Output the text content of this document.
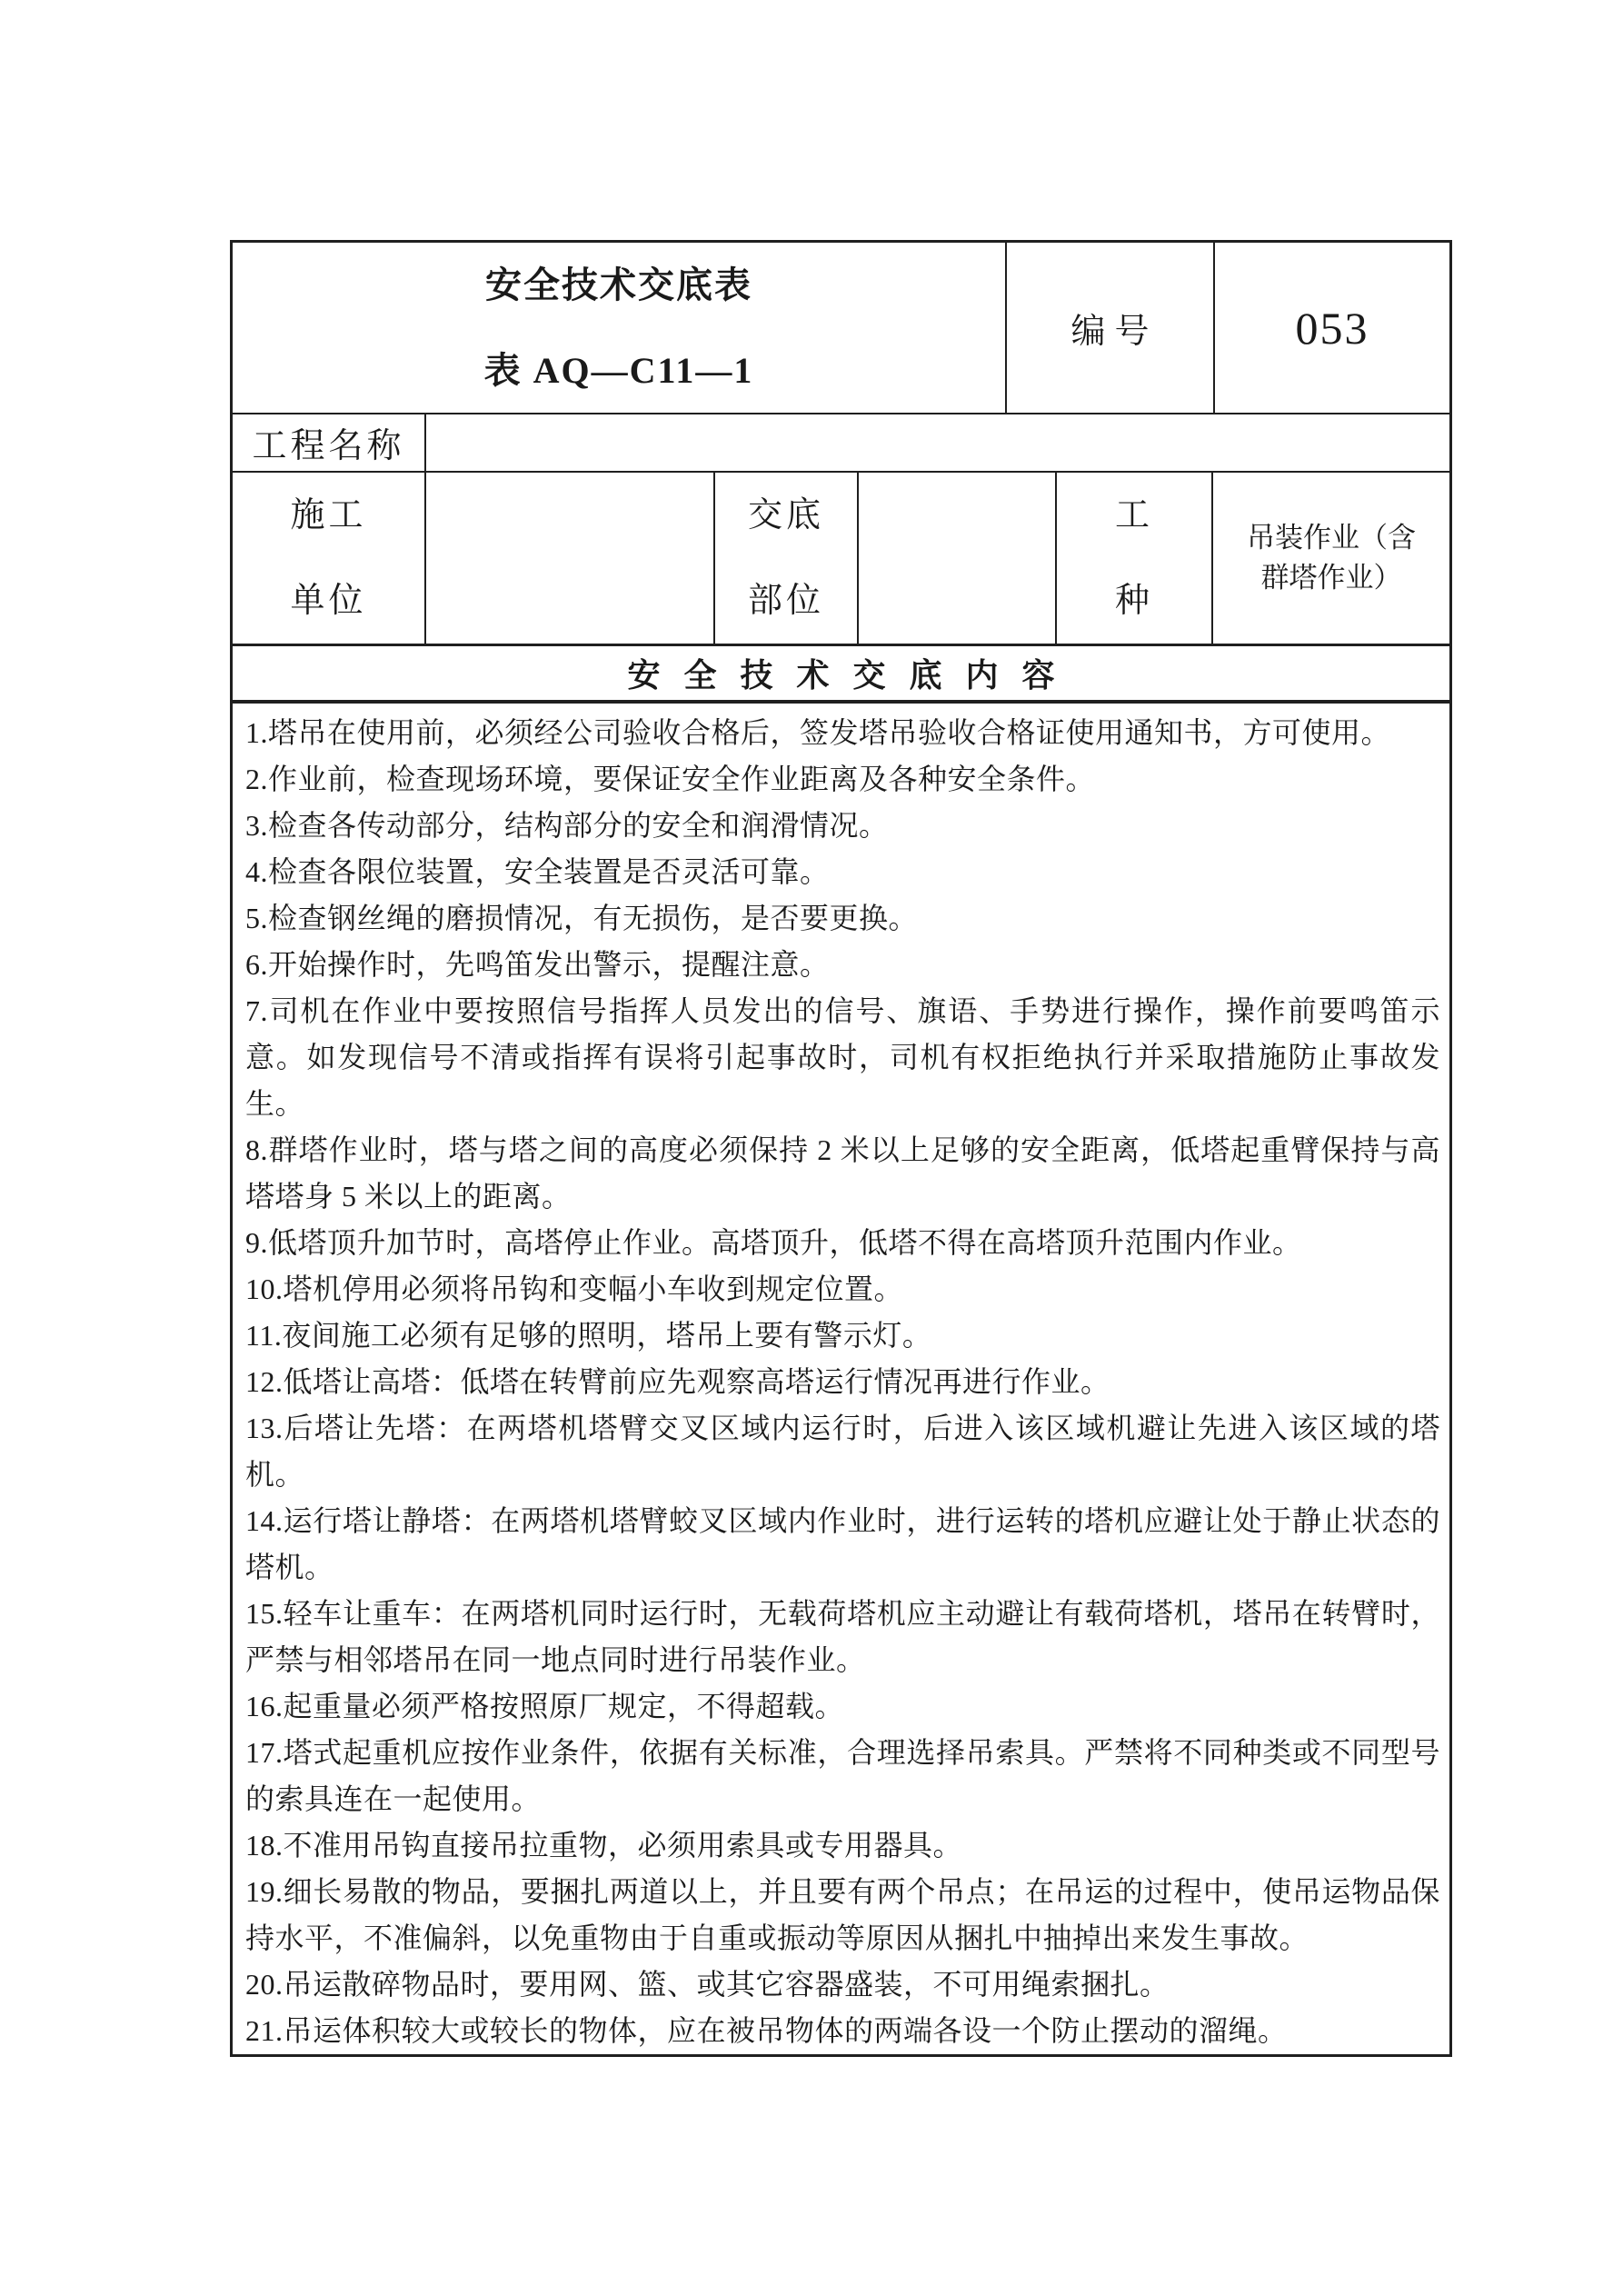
安全技术交底表
表 AQ—C11—1
编号	053
工程名称
施工
单位
交底
部位
工
种
吊装作业（含群塔作业）
安全技术交底内容

1.塔吊在使用前，必须经公司验收合格后，签发塔吊验收合格证使用通知书，方可使用。

2.作业前，检查现场环境，要保证安全作业距离及各种安全条件。

3.检查各传动部分，结构部分的安全和润滑情况。

4.检查各限位装置，安全装置是否灵活可靠。

5.检查钢丝绳的磨损情况，有无损伤，是否要更换。

6.开始操作时，先鸣笛发出警示，提醒注意。

7.司机在作业中要按照信号指挥人员发出的信号、旗语、手势进行操作，操作前要鸣笛示意。如发现信号不清或指挥有误将引起事故时，司机有权拒绝执行并采取措施防止事故发生。

8.群塔作业时，塔与塔之间的高度必须保持 2 米以上足够的安全距离，低塔起重臂保持与高塔塔身 5 米以上的距离。

9.低塔顶升加节时，高塔停止作业。高塔顶升，低塔不得在高塔顶升范围内作业。

10.塔机停用必须将吊钩和变幅小车收到规定位置。

11.夜间施工必须有足够的照明，塔吊上要有警示灯。

12.低塔让高塔：低塔在转臂前应先观察高塔运行情况再进行作业。

13.后塔让先塔：在两塔机塔臂交叉区域内运行时，后进入该区域机避让先进入该区域的塔机。

14.运行塔让静塔：在两塔机塔臂蛟叉区域内作业时，进行运转的塔机应避让处于静止状态的塔机。

15.轻车让重车：在两塔机同时运行时，无载荷塔机应主动避让有载荷塔机，塔吊在转臂时，严禁与相邻塔吊在同一地点同时进行吊装作业。

16.起重量必须严格按照原厂规定，不得超载。

17.塔式起重机应按作业条件，依据有关标准，合理选择吊索具。严禁将不同种类或不同型号的索具连在一起使用。

18.不准用吊钩直接吊拉重物，必须用索具或专用器具。

19.细长易散的物品，要捆扎两道以上，并且要有两个吊点；在吊运的过程中，使吊运物品保持水平，不准偏斜，以免重物由于自重或振动等原因从捆扎中抽掉出来发生事故。

20.吊运散碎物品时，要用网、篮、或其它容器盛装，不可用绳索捆扎。

21.吊运体积较大或较长的物体，应在被吊物体的两端各设一个防止摆动的溜绳。
